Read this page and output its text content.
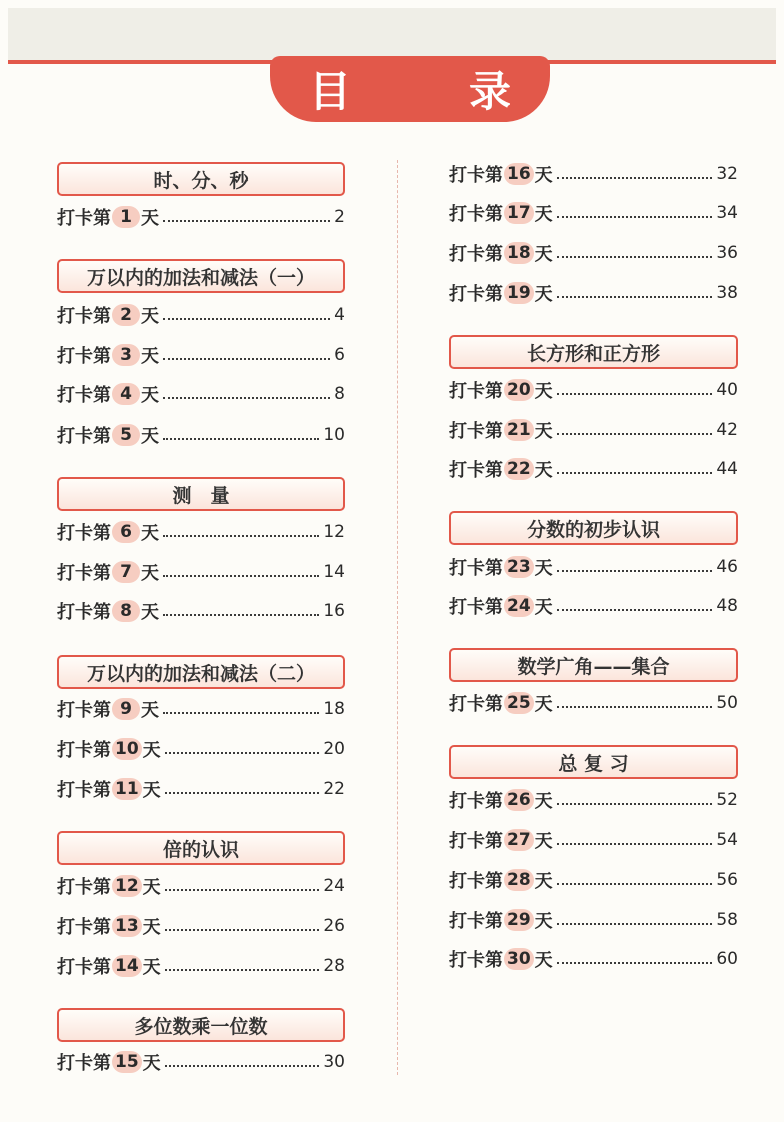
目　录
时、分、秒
打卡第 1 天	2
万以内的加法和减法（一）
打卡第 2 天	4
打卡第 3 天	6
打卡第 4 天	8
打卡第 5 天	10
测　量
打卡第 6 天	12
打卡第 7 天	14
打卡第 8 天	16
万以内的加法和减法（二）
打卡第 9 天	18
打卡第 10 天	20
打卡第 11 天	22
倍的认识
打卡第 12 天	24
打卡第 13 天	26
打卡第 14 天	28
多位数乘一位数
打卡第 15 天	30
打卡第 16 天	32
打卡第 17 天	34
打卡第 18 天	36
打卡第 19 天	38
长方形和正方形
打卡第 20 天	40
打卡第 21 天	42
打卡第 22 天	44
分数的初步认识
打卡第 23 天	46
打卡第 24 天	48
数学广角——集合
打卡第 25 天	50
总 复 习
打卡第 26 天	52
打卡第 27 天	54
打卡第 28 天	56
打卡第 29 天	58
打卡第 30 天	60
